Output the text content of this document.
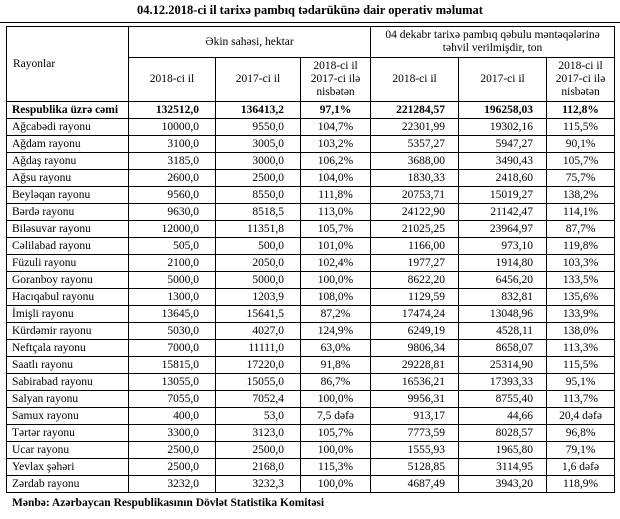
04.12.2018-ci il tarixə pambıq tədarükünə dair operativ məlumat
Rayonlar	Əkin sahəsi, hektar			04 dekabr tarixə pambıq qəbulu məntəqələrinə təhvil verilmişdir, ton		
	2018-ci il	2017-ci il	2018-ci il 2017-ci ilə nisbətən	2018-ci il	2017-ci il	2018-ci il 2017-ci ilə nisbətən
Respublika üzrə cəmi	132512,0	136413,2	97,1%	221284,57	196258,03	112,8%
Ağcabədi rayonu	10000,0	9550,0	104,7%	22301,99	19302,16	115,5%
Ağdam rayonu	3100,0	3005,0	103,2%	5357,27	5947,27	90,1%
Ağdaş rayonu	3185,0	3000,0	106,2%	3688,00	3490,43	105,7%
Ağsu rayonu	2600,0	2500,0	104,0%	1830,33	2418,60	75,7%
Beyləqan rayonu	9560,0	8550,0	111,8%	20753,71	15019,27	138,2%
Bərdə rayonu	9630,0	8518,5	113,0%	24122,90	21142,47	114,1%
Biləsuvar rayonu	12000,0	11351,8	105,7%	21025,25	23964,97	87,7%
Cəlilabad rayonu	505,0	500,0	101,0%	1166,00	973,10	119,8%
Füzuli rayonu	2100,0	2050,0	102,4%	1977,27	1914,80	103,3%
Goranboy rayonu	5000,0	5000,0	100,0%	8622,20	6456,20	133,5%
Hacıqabul rayonu	1300,0	1203,9	108,0%	1129,59	832,81	135,6%
İmişli rayonu	13645,0	15641,5	87,2%	17474,24	13048,96	133,9%
Kürdəmir rayonu	5030,0	4027,0	124,9%	6249,19	4528,11	138,0%
Neftçala rayonu	7000,0	11111,0	63,0%	9806,34	8658,07	113,3%
Saatlı rayonu	15815,0	17220,0	91,8%	29228,81	25314,90	115,5%
Sabirabad rayonu	13055,0	15055,0	86,7%	16536,21	17393,33	95,1%
Salyan rayonu	7055,0	7052,4	100,0%	9956,31	8755,40	113,7%
Samux rayonu	400,0	53,0	7,5 dəfə	913,17	44,66	20,4 dəfə
Tərtər rayonu	3300,0	3123,0	105,7%	7773,59	8028,57	96,8%
Ucar rayonu	2500,0	2500,0	100,0%	1555,93	1965,80	79,1%
Yevlax şəhəri	2500,0	2168,0	115,3%	5128,85	3114,95	1,6 dəfə
Zərdab rayonu	3232,0	3232,3	100,0%	4687,49	3943,20	118,9%
Mənbə: Azərbaycan Respublikasının Dövlət Statistika Komitəsi
